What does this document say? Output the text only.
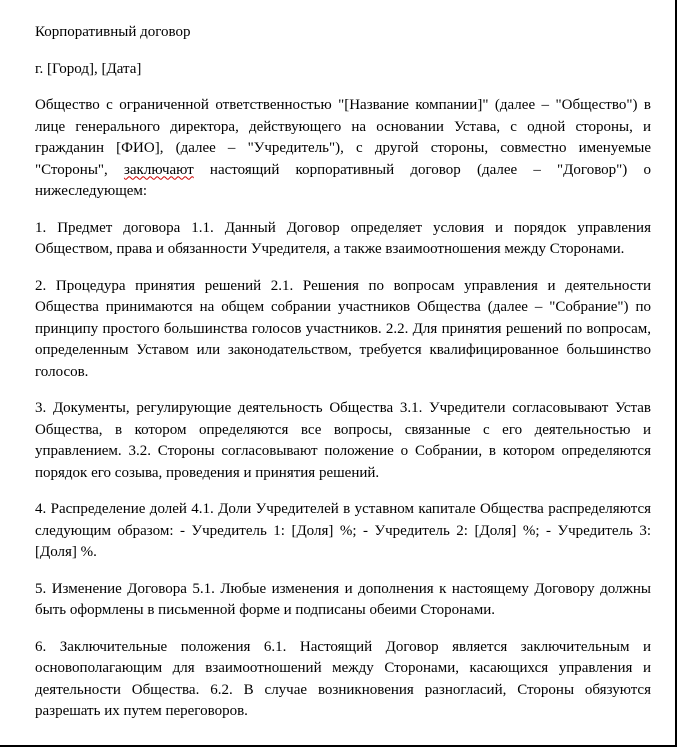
Корпоративный договор

г. [Город], [Дата]

Общество с ограниченной ответственностью "[Название компании]" (далее – "Общество") в лице генерального директора, действующего на основании Устава, с одной стороны, и гражданин [ФИО], (далее – "Учредитель"), с другой стороны, совместно именуемые "Стороны", заключают настоящий корпоративный договор (далее – "Договор") о нижеследующем:

1. Предмет договора 1.1. Данный Договор определяет условия и порядок управления Обществом, права и обязанности Учредителя, а также взаимоотношения между Сторонами.

2. Процедура принятия решений 2.1. Решения по вопросам управления и деятельности Общества принимаются на общем собрании участников Общества (далее – "Собрание") по принципу простого большинства голосов участников. 2.2. Для принятия решений по вопросам, определенным Уставом или законодательством, требуется квалифицированное большинство голосов.

3. Документы, регулирующие деятельность Общества 3.1. Учредители согласовывают Устав Общества, в котором определяются все вопросы, связанные с его деятельностью и управлением. 3.2. Стороны согласовывают положение о Собрании, в котором определяются порядок его созыва, проведения и принятия решений.

4. Распределение долей 4.1. Доли Учредителей в уставном капитале Общества распределяются следующим образом: - Учредитель 1: [Доля] %; - Учредитель 2: [Доля] %; - Учредитель 3: [Доля] %.

5. Изменение Договора 5.1. Любые изменения и дополнения к настоящему Договору должны быть оформлены в письменной форме и подписаны обеими Сторонами.

6. Заключительные положения 6.1. Настоящий Договор является заключительным и основополагающим для взаимоотношений между Сторонами, касающихся управления и деятельности Общества. 6.2. В случае возникновения разногласий, Стороны обязуются разрешать их путем переговоров.
